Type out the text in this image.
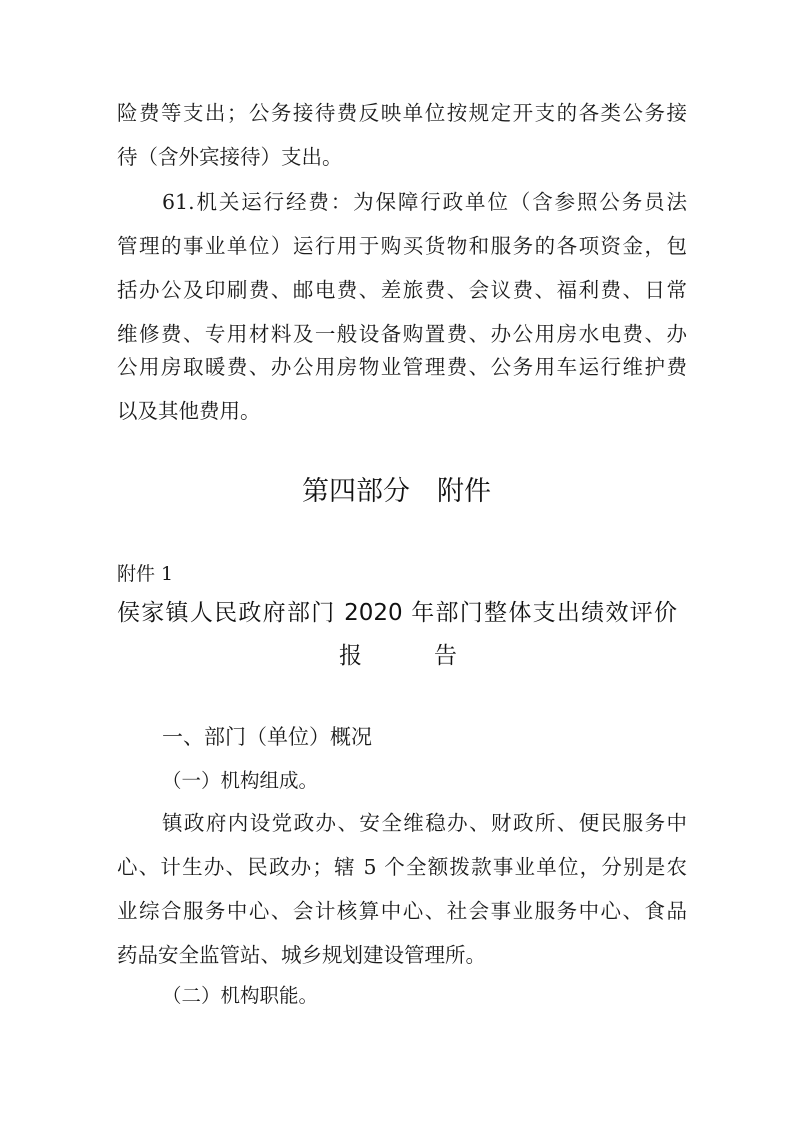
险费等支出；公务接待费反映单位按规定开支的各类公务接
待（含外宾接待）支出。
61.机关运行经费：为保障行政单位（含参照公务员法
管理的事业单位）运行用于购买货物和服务的各项资金，包
括办公及印刷费、邮电费、差旅费、会议费、福利费、日常
维修费、专用材料及一般设备购置费、办公用房水电费、办
公用房取暖费、办公用房物业管理费、公务用车运行维护费
以及其他费用。
第四部分　附件
附件 1
侯家镇人民政府部门 2020 年部门整体支出绩效评价
报告
一、部门（单位）概况
（一）机构组成。
镇政府内设党政办、安全维稳办、财政所、便民服务中
心、计生办、民政办；辖 5 个全额拨款事业单位，分别是农
业综合服务中心、会计核算中心、社会事业服务中心、食品
药品安全监管站、城乡规划建设管理所。
（二）机构职能。
